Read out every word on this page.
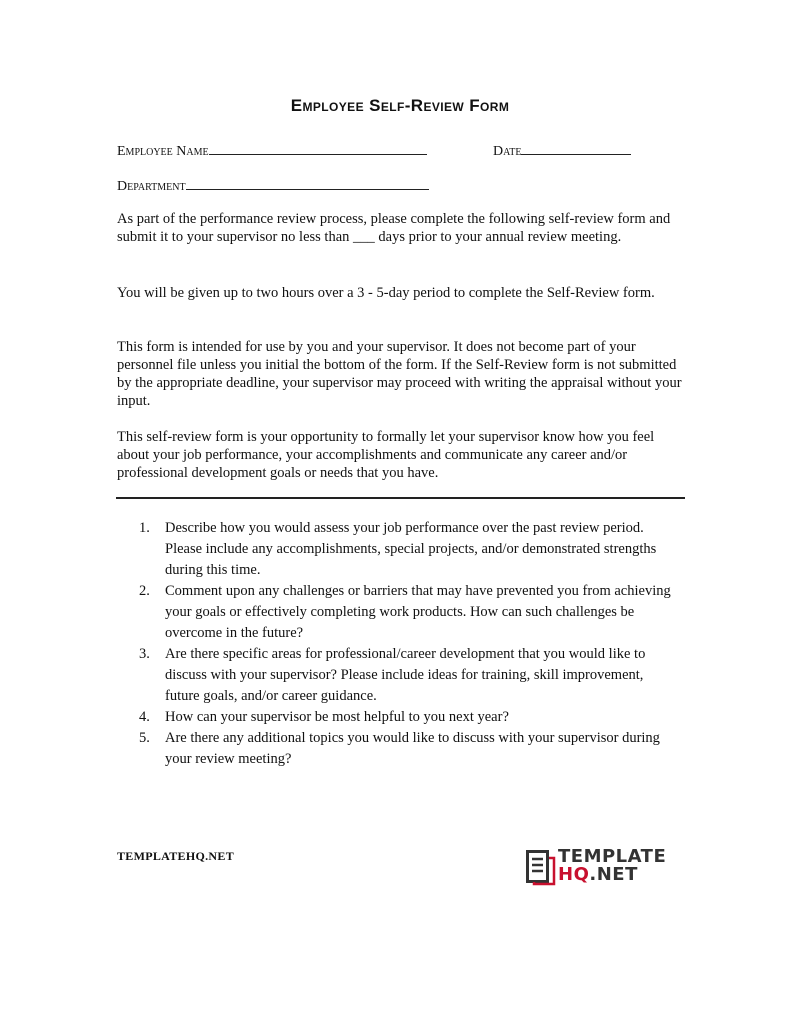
Employee Self-Review Form
Employee Name	Date
Department

As part of the performance review process, please complete the following self-review form and submit it to your supervisor no less than ___ days prior to your annual review meeting.

You will be given up to two hours over a 3 - 5-day period to complete the Self-Review form.

This form is intended for use by you and your supervisor. It does not become part of your personnel file unless you initial the bottom of the form. If the Self-Review form is not submitted by the appropriate deadline, your supervisor may proceed with writing the appraisal without your input.

This self-review form is your opportunity to formally let your supervisor know how you feel about your job performance, your accomplishments and communicate any career and/or professional development goals or needs that you have.

1. Describe how you would assess your job performance over the past review period. Please include any accomplishments, special projects, and/or demonstrated strengths during this time.
2. Comment upon any challenges or barriers that may have prevented you from achieving your goals or effectively completing work products. How can such challenges be overcome in the future?
3. Are there specific areas for professional/career development that you would like to discuss with your supervisor? Please include ideas for training, skill improvement, future goals, and/or career guidance.
4. How can your supervisor be most helpful to you next year?
5. Are there any additional topics you would like to discuss with your supervisor during your review meeting?
TEMPLATEHQ.NET	TEMPLATE
HQ.NET
